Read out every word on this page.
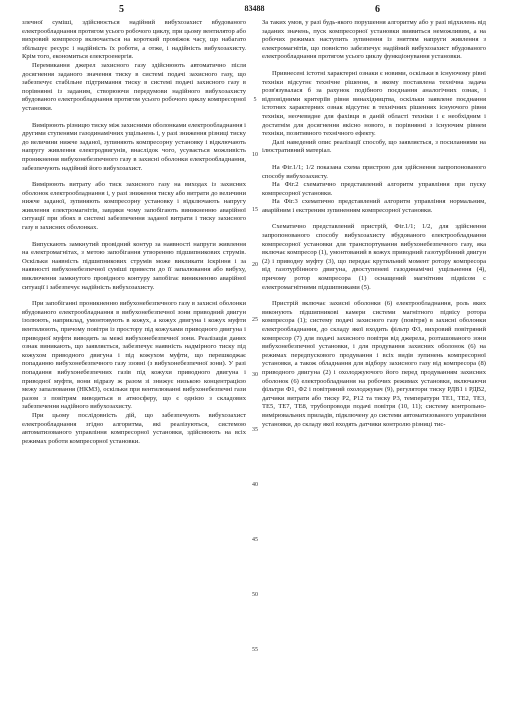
5	83488	6
5
10
15
20
25
30
35
40
45
50
55

злечної суміші, здійснюється надійний вибухозахист вбудованого електрообладнання протягом усього робочого циклу, при цьому вентилятор або вихровий компресор включається на короткий проміжок часу, що набагато збільшує ресурс і надійність їх роботи, а отже, і надійність вибухозахисту. Крім того, економиться електроенергія.

Перемикання джерел захисного газу здійснюють автоматично після досягнення заданого значення тиску в системі подачі захисного газу, що забезпечує стабільне підтримання тиску в системі подачі захисного газу в порівнянні із заданим, створюючи передумови надійного вибухозахисту вбудованого електрообладнання протягом усього робочого циклу компресорної установки.

Вимірюють різницю тиску між захисними оболонками електрообладнання і другими ступенями газодинамічних ущільнень і, у разі зниження різниці тиску до величини нижче заданої, зупиняють компресорну установку і відключають напругу живлення електродвигунів, внаслідок чого, усувається можливість проникнення вибухонебезпечного газу в захисні оболонки електрообладнання, забезпечують надійний його вибухозахист.

Вимірюють витрату або тиск захисного газу на виходах із захисних оболонок електрообладнання і, у разі зниження тиску або витрати до величини нижче заданої, зупиняють компресорну установку і відключають напругу живлення електромагнітів, завдяки чому запобігають виникненню аварійної ситуації при збоях в системі забезпечення заданої витрати і тиску захисного газу в захисних оболонках.

Випускають замкнутий провідний контур за наявності напруги живлення на електромагнітах, з метою запобігання утворенню підшипникових струмів. Оскільки наявність підшипникових струмів може викликати іскріння і за наявності вибухонебезпечної суміші привести до її запалювання або вибуху, виключення замкнутого провідного контуру запобігає виникненню аварійної ситуації і забезпечує надійність вибухозахисту.

При запобіганні проникненню вибухонебезпечного газу в захисні оболонки вбудованого електрообладнання в вибухонебезпечної зони приводний двигун ізолюють, наприклад, умонтовують в кожух, а кожух двигуна і кожух муфти вентилюють, причому повітря із простору під кожухами приводного двигуна і приводної муфти виводять за межі вибухонебезпечної зони. Реалізація даних ознак виникають, що заявляється, забезпечує наявність надмірного тиску під кожухом приводного двигуна і під кожухом муфти, що перешкоджає попаданню вибухонебезпечного газу ззовні (з вибухонебезпечної зони). У разі попадання вибухонебезпечних газів під кожухи приводного двигуна і приводної муфти, вони відразу ж разом зі знижує низькою концентрацією межу запалювання (НКМЗ), оскільки при вентилюванні вибухонебезпечні гази разом з повітрям виводяться в атмосферу, що є однією з складових забезпечення надійного вибухозахисту.

При цьому послідовність дій, що забезпечують вибухозахист електрообладнання згідно алгоритма, які реалізуються, системою автоматизованого управління компресорної установки, здійснюють на всіх режимах роботи компресорної установки.

За таких умов, у разі будь-якого порушення алгоритму або у разі відхилень від заданих значень, пуск компресорної установки виявиться неможливим, а на робочих режимах наступить зупинення із зняттям напруги живлення з електромагнітів, що повністю забезпечує надійний вибухозахист вбудованого електрообладнання протягом усього циклу функціонування установки.

Привнесені істотні характерні ознаки є новими, оскільки в існуючому рівні техніки відсутнє технічне рішення, в якому поставлена технічна задача розв'язувалася б за рахунок подібного поєднання аналогічних ознак, і відповідними критеріїв рівня винахідництва, оскільки заявлене поєднання істотних характерних ознак відсутнє в технічних рішеннях існуючого рівня техніки, неочевидне для фахівця в даній області техніки і є необхідним і достатнім для досягнення якісно нового, в порівнянні з існуючим рівнем техніки, позитивного технічного ефекту.

Далі наведений опис реалізації способу, що заявляється, з посиланнями на ілюстративний матеріал.

На Фіг.1/1; 1/2 показана схема пристрою для здійснення запропонованого способу вибухозахисту.

На Фіг.2 схематично представлений алгоритм управління при пуску компресорної установки.

На Фіг.3 схематично представлений алгоритм управління нормальним, аварійним і екстреним зупиненням компресорної установки.

Схематично представлений пристрій, Фіг.1/1; 1/2, для здійснення запропонованого способу вибухозахисту вбудованого електрообладнання компресорної установки для транспортування вибухонебезпечного газу, яка включає компресор (1), умонтований в кожух приводний газотурбінний двигун (2) і приводну муфту (3), що передає крутильний момент ротору компресора від газотурбінного двигуна, двоступеневі газодинамічні ущільнення (4), причому ротор компресора (1) оснащений магнітним підвісом с електромагнітними підшипниками (5).

Пристрій включає захисні оболонки (6) електрообладнання, роль яких виконують підшипникові камери системи магнітного підвісу ротора компресора (1); систему подачі захисного газу (повітря) в захисні оболонки електрообладнання, до складу якої входить фільтр Ф3, вихровий повітряний компресор (7) для подачі захисного повітря від джерела, розташованого зони вибухонебезпечної установки, і для продування захисних оболонок (6) на режимах передпускового продування і всіх видів зупинень компресорної установки, а також обладнання для відбору захисного газу від компресора (8) приводного двигуна (2) і охолоджуючого його перед продуванням захисних оболонок (6) електрообладнання на робочих режимах установки, включаючи фільтри Ф1, Ф2 і повітряний охолоджувач (9), регулятори тиску РДВ1 і РДВ2, датчики витрати або тиску Р2, Р12 та тиску Р3, температури ТЕ1, ТЕ2, ТЕ3, ТЕ5, ТЕ7, ТЕ8, трубопроводи подачі повітря (10, 11); систему контрольно-вимірювальних приладів, підключену до системи автоматизованого управління установки, до складу якої входять датчики контролю різниці тис-
